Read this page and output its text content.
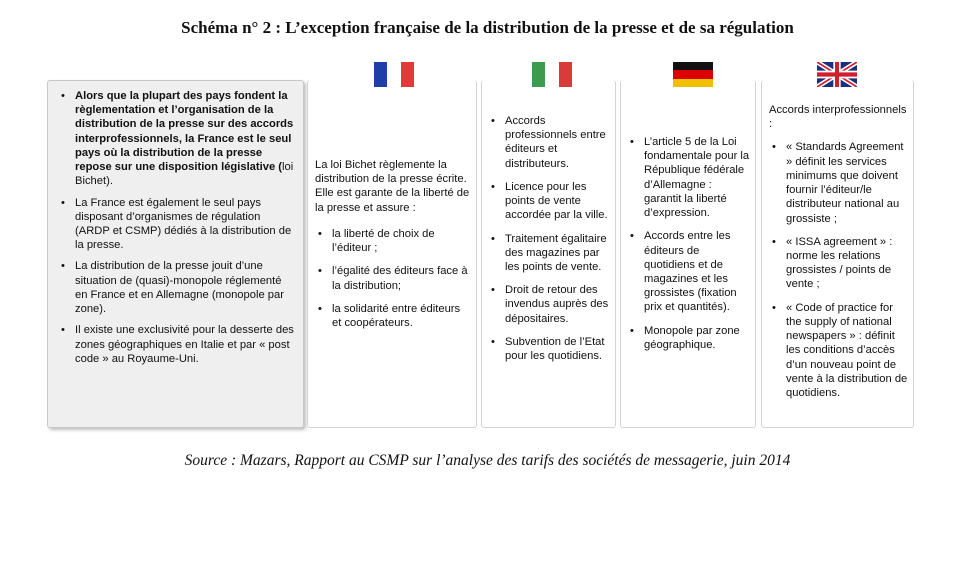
Schéma n° 2 : L’exception française de la distribution de la presse et de sa régulation
• Alors que la plupart des pays fondent la règlementation et l’organisation de la distribution de la presse sur des accords interprofessionnels, la France est le seul pays où la distribution de la presse repose sur une disposition législative (loi Bichet).
• La France est également le seul pays disposant d’organismes de régulation (ARDP et CSMP) dédiés à la distribution de la presse.
• La distribution de la presse jouit d’une situation de (quasi)-monopole réglementé en France et en Allemagne (monopole par zone).
• Il existe une exclusivité pour la desserte des zones géographiques en Italie et par « post code » au Royaume-Uni.

La loi Bichet règlemente la distribution de la presse écrite. Elle est garante de la liberté de la presse et assure :

• la liberté de choix de l’éditeur ;
• l’égalité des éditeurs face à la distribution;
• la solidarité entre éditeurs et coopérateurs.
• Accords professionnels entre éditeurs et distributeurs.
• Licence pour les points de vente accordée par la ville.
• Traitement égalitaire des magazines par les points de vente.
• Droit de retour des invendus auprès des dépositaires.
• Subvention de l’Etat pour les quotidiens.
• L’article 5 de la Loi fondamentale pour la République fédérale d’Allemagne : garantit la liberté d’expression.
• Accords entre les éditeurs de quotidiens et de magazines et les grossistes (fixation prix et quantités).
• Monopole par zone géographique.

Accords interprofessionnels :

• « Standards Agreement » définit les services minimums que doivent fournir l’éditeur/le distributeur national au grossiste ;
• « ISSA agreement » : norme les relations grossistes / points de vente ;
• « Code of practice for the supply of national newspapers » : définit les conditions d’accès d’un nouveau point de vente à la distribution de quotidiens.
Source : Mazars, Rapport au CSMP sur l’analyse des tarifs des sociétés de messagerie, juin 2014
